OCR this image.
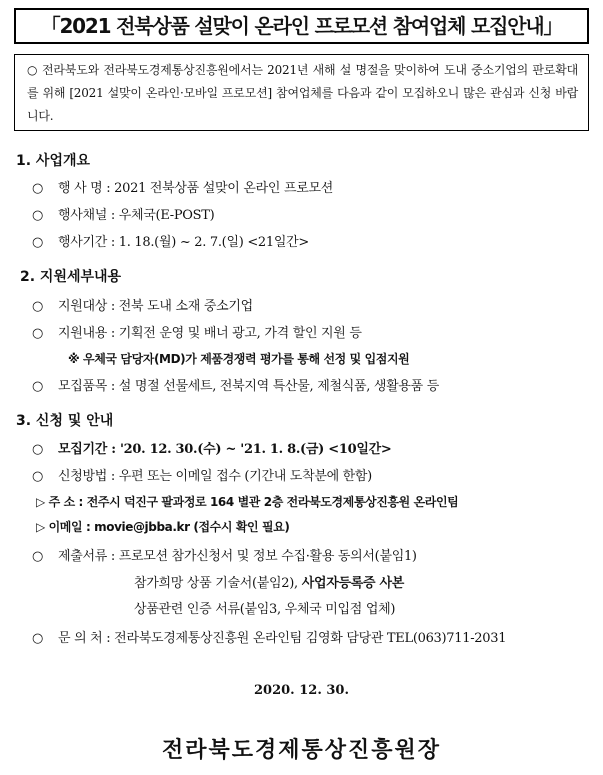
「2021 전북상품 설맞이 온라인 프로모션 참여업체 모집안내」
○ 전라북도와 전라북도경제통상진흥원에서는 2021년 새해 설 명절을 맞이하여 도내 중소기업의 판로확대를 위해 [2021 설맞이 온라인·모바일 프로모션] 참여업체를 다음과 같이 모집하오니 많은 관심과 신청 바랍니다.
1. 사업개요
○ 행 사 명 : 2021 전북상품 설맞이 온라인 프로모션
○ 행사채널 : 우체국(E-POST)
○ 행사기간 : 1. 18.(월) ~ 2. 7.(일) <21일간>
2. 지원세부내용
○ 지원대상 : 전북 도내 소재 중소기업
○ 지원내용 : 기획전 운영 및 배너 광고, 가격 할인 지원 등
※ 우체국 담당자(MD)가 제품경쟁력 평가를 통해 선정 및 입점지원
○ 모집품목 : 설 명절 선물세트, 전북지역 특산물, 제철식품, 생활용품 등
3. 신청 및 안내
○ 모집기간 : '20. 12. 30.(수) ~ '21. 1. 8.(금) <10일간>
○ 신청방법 : 우편 또는 이메일 접수 (기간내 도착분에 한함)
▷ 주 소 : 전주시 덕진구 팔과정로 164 별관 2층 전라북도경제통상진흥원 온라인팀
▷ 이메일 : movie@jbba.kr (접수시 확인 필요)
○ 제출서류 : 프로모션 참가신청서 및 정보 수집·활용 동의서(붙임1)
참가희망 상품 기술서(붙임2), 사업자등록증 사본
상품관련 인증 서류(붙임3, 우체국 미입점 업체)
○ 문 의 처 : 전라북도경제통상진흥원 온라인팀 김영화 담당관 TEL(063)711-2031
2020. 12. 30.
전라북도경제통상진흥원장
